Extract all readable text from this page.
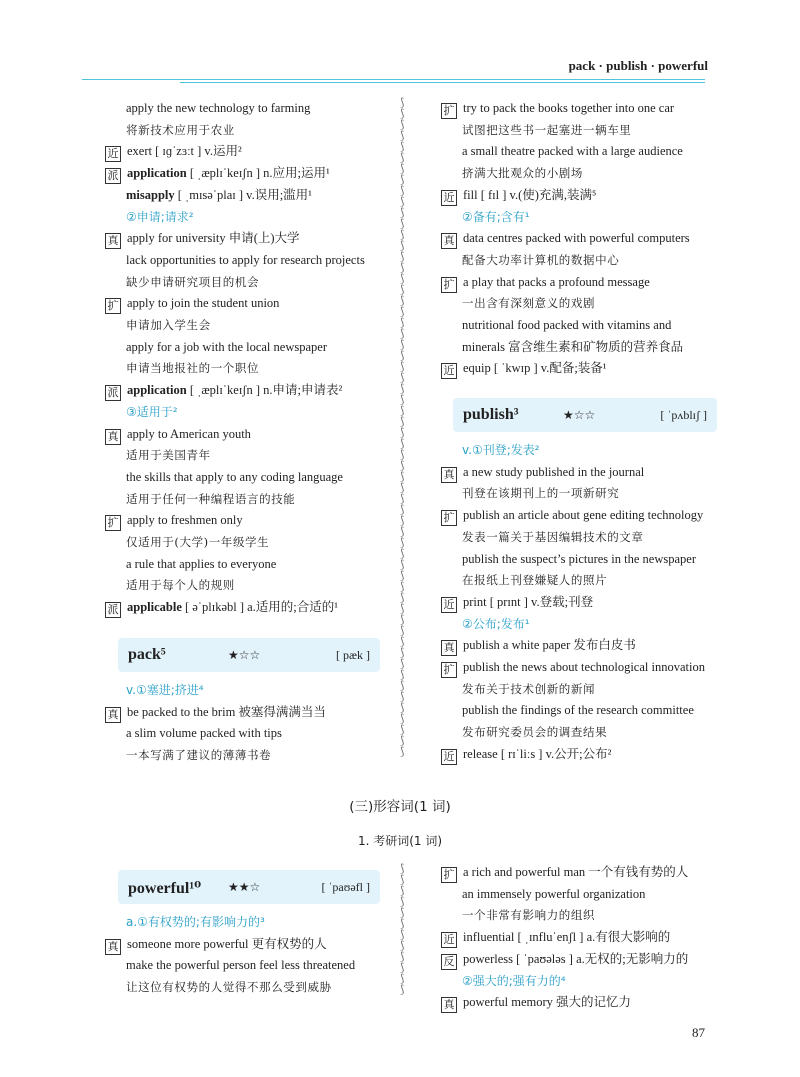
pack · publish · powerful
apply the new technology to farming
将新技术应用于农业
近 exert [ ɪɡˈzɜːt ] v.运用²
派 application [ ˌæplɪˈkeɪʃn ] n.应用;运用¹
misapply [ ˌmɪsəˈplaɪ ] v.误用;滥用¹
②申请;请求²
真 apply for university 申请(上)大学
lack opportunities to apply for research projects
缺少申请研究项目的机会
扩 apply to join the student union
申请加入学生会
apply for a job with the local newspaper
申请当地报社的一个职位
派 application [ ˌæplɪˈkeɪʃn ] n.申请;申请表²
③适用于²
真 apply to American youth
适用于美国青年
the skills that apply to any coding language
适用于任何一种编程语言的技能
扩 apply to freshmen only
仅适用于(大学)一年级学生
a rule that applies to everyone
适用于每个人的规则
派 applicable [ əˈplɪkəbl ] a.适用的;合适的¹
pack⁵	★☆☆	[ pæk ]
v.①塞进;挤进⁴
真 be packed to the brim 被塞得满满当当
a slim volume packed with tips
一本写满了建议的薄薄书卷
⟆
⟆
⟆
⟆
⟆
⟆
⟆
⟆
⟆
⟆
⟆
⟆
⟆
⟆
⟆
⟆
⟆
⟆
⟆
⟆
⟆
⟆
⟆
⟆
⟆
⟆
⟆
⟆
⟆
⟆
⟆
⟆
⟆
⟆
⟆
⟆
⟆
⟆
⟆
⟆
⟆
⟆
⟆
⟆
⟆
⟆
⟆
⟆
⟆
⟆
⟆
⟆
⟆
⟆
⟆
⟆
⟆
⟆
⟆
⟆

扩 try to pack the books together into one car
试图把这些书一起塞进一辆车里
a small theatre packed with a large audience
挤满大批观众的小剧场
近 fill [ fɪl ] v.(使)充满,装满⁵
②备有;含有¹
真 data centres packed with powerful computers
配备大功率计算机的数据中心
扩 a play that packs a profound message
一出含有深刻意义的戏剧
nutritional food packed with vitamins and
minerals 富含维生素和矿物质的营养食品
近 equip [ ˈkwɪp ] v.配备;装备¹
publish³	★☆☆	[ ˈpʌblɪʃ ]
v.①刊登;发表²
真 a new study published in the journal
刊登在该期刊上的一项新研究
扩 publish an article about gene editing technology
发表一篇关于基因编辑技术的文章
publish the suspect’s pictures in the newspaper
在报纸上刊登嫌疑人的照片
近 print [ prɪnt ] v.登载;刊登
②公布;发布¹
真 publish a white paper 发布白皮书
扩 publish the news about technological innovation
发布关于技术创新的新闻
publish the findings of the research committee
发布研究委员会的调查结果
近 release [ rɪˈliːs ] v.公开;公布²
(三)形容词(1 词)
1. 考研词(1 词)
powerful¹⁰ ★★☆	[ ˈpaʊəfl ]
a.①有权势的;有影响力的³
真 someone more powerful 更有权势的人
make the powerful person feel less threatened
让这位有权势的人觉得不那么受到威胁
⟆
⟆
⟆
⟆
⟆
⟆
⟆
⟆
⟆
⟆
⟆
⟆

扩 a rich and powerful man 一个有钱有势的人
an immensely powerful organization
一个非常有影响力的组织
近 influential [ ˌɪnfluˈenʃl ] a.有很大影响的
反 powerless [ ˈpaʊələs ] a.无权的;无影响力的
②强大的;强有力的⁴
真 powerful memory 强大的记忆力
87
